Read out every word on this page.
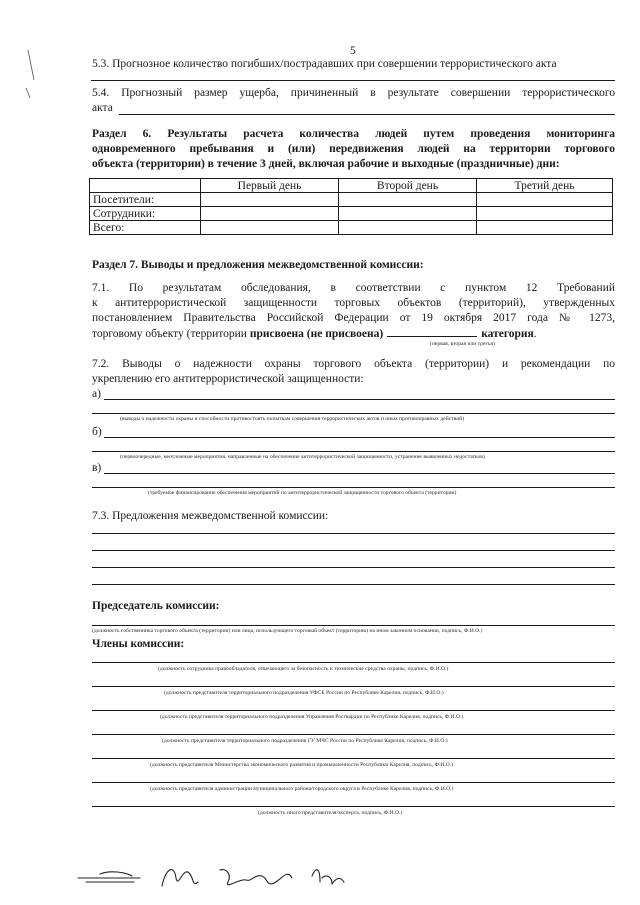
5
5.3. Прогнозное количество погибших/пострадавших при совершении террористического акта
5.4. Прогнозный размер ущерба, причиненный в результате совершении террористического
акта
Раздел 6. Результаты расчета количества людей путем проведения мониторинга
одновременного пребывания и (или) передвижения людей на территории торгового
объекта (территории) в течение 3 дней, включая рабочие и выходные (праздничные) дни:
	Первый день	Второй день	Третий день
Посетители:			
Сотрудники:			
Всего:			
Раздел 7. Выводы и предложения межведомственной комиссии:
7.1. По результатам обследования, в соответствии с пунктом 12 Требований
к антитеррористической защищенности торговых объектов (территорий), утвержденных
постановлением Правительства Российской Федерации от 19 октября 2017 года № 1273,
торговому объекту (территории присвоена (не присвоена)	категория.
(первая, вторая или третья)
7.2. Выводы о надежности охраны торгового объекта (территории) и рекомендации по
укреплению его антитеррористической защищенности:
а)
(выводы о надежности охраны и способности противостоять попыткам совершения террористических актов и иных противоправных действий)
б)
(первоочередные, неотложные мероприятия, направленные на обеспечение антитеррористической защищенности, устранение выявленных недостатков)
в)
(требуемое финансирование обеспечения мероприятий по антитеррористической защищенности торгового объекта (территории)
7.3. Предложения межведомственной комиссии:
Председатель комиссии:
(должность собственника торгового объекта (территории) или лица, использующего торговый объект (территорию) на ином законном основании, подпись, Ф.И.О.)
Члены комиссии:
(должность сотрудника правообладателя, отвечающего за безопасность и технические средства охраны, подпись, Ф.И.О.)
(должность представителя территориального подразделения УФСБ России по Республике Карелия, подпись, Ф.И.О.)
(должность представителя территориального подразделения Управления Росгвардии по Республике Карелия, подпись, Ф.И.О.)
(должность представителя территориального подразделения ГУ МЧС России по Республике Карелия, подпись, Ф.И.О.)
(должность представителя Министерства экономического развития и промышленности Республики Карелия, подпись, Ф.И.О.)
(должность представителя администрации муниципального района/городского округа в Республике Карелия, подпись, Ф.И.О.)
(должность иного представителя/эксперта, подпись, Ф.И.О.)
